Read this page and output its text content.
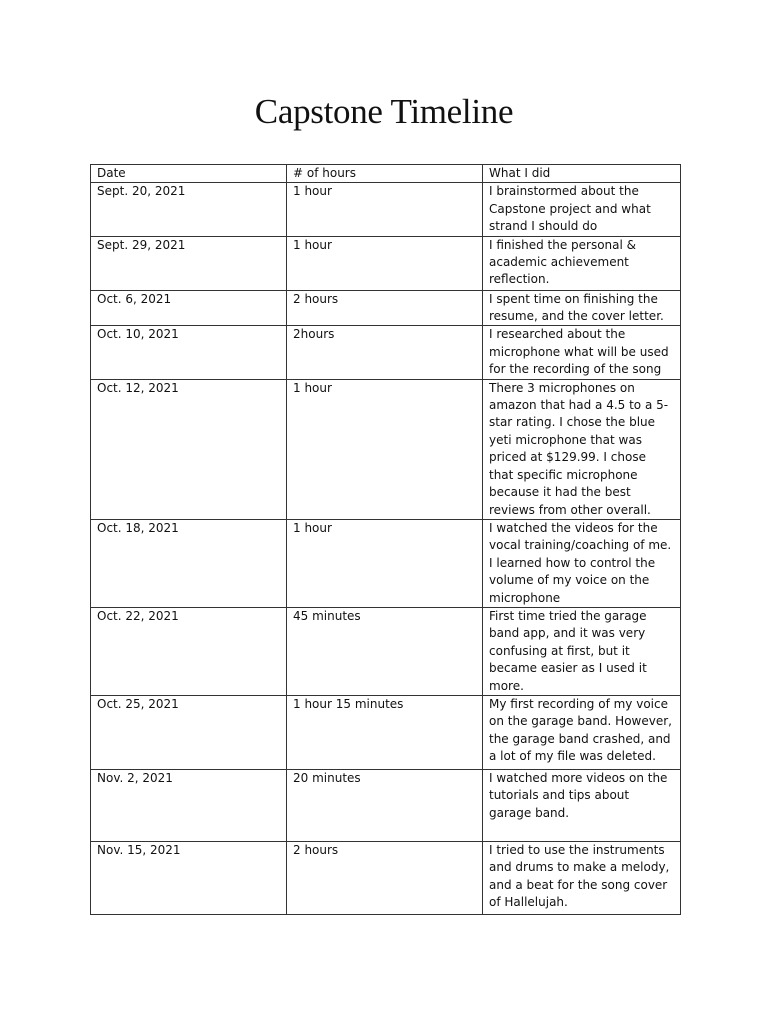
Capstone Timeline
Date	# of hours	What I did
Sept. 20, 2021	1 hour	I brainstormed about the Capstone project and what strand I should do
Sept. 29, 2021	1 hour	I finished the personal & academic achievement reflection.
Oct. 6, 2021	2 hours	I spent time on finishing the resume, and the cover letter.
Oct. 10, 2021	2hours	I researched about the microphone what will be used for the recording of the song
Oct. 12, 2021	1 hour	There 3 microphones on amazon that had a 4.5 to a 5-star rating. I chose the blue yeti microphone that was priced at $129.99. I chose that specific microphone because it had the best reviews from other overall.
Oct. 18, 2021	1 hour	I watched the videos for the vocal training/coaching of me. I learned how to control the volume of my voice on the microphone
Oct. 22, 2021	45 minutes	First time tried the garage band app, and it was very confusing at first, but it became easier as I used it more.
Oct. 25, 2021	1 hour 15 minutes	My first recording of my voice on the garage band. However, the garage band crashed, and a lot of my file was deleted.
Nov. 2, 2021	20 minutes	I watched more videos on the tutorials and tips about garage band.
Nov. 15, 2021	2 hours	I tried to use the instruments and drums to make a melody, and a beat for the song cover of Hallelujah.
